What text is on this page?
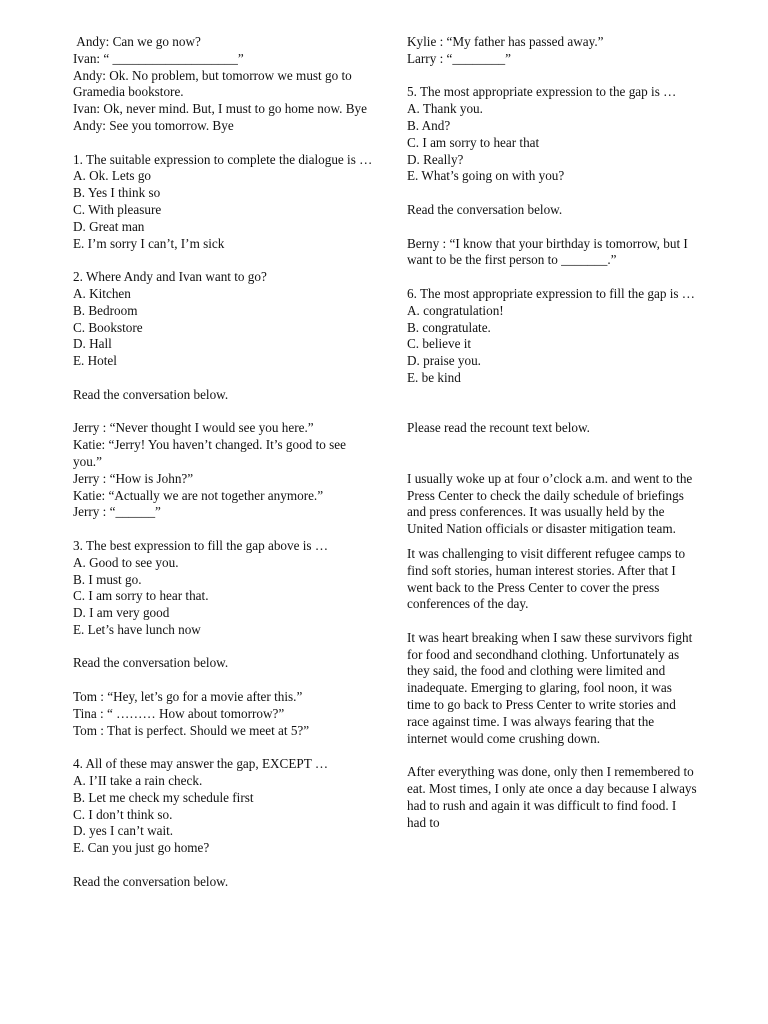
Andy: Can we go now?
Ivan: “ ___________________”
Andy: Ok. No problem, but tomorrow we must go to Gramedia bookstore.
Ivan: Ok, never mind. But, I must to go home now. Bye
Andy: See you tomorrow. Bye
1. The suitable expression to complete the dialogue is …
A. Ok. Lets go
B. Yes I think so
C. With pleasure
D. Great man
E. I’m sorry I can’t, I’m sick
2. Where Andy and Ivan want to go?
A. Kitchen
B. Bedroom
C. Bookstore
D. Hall
E. Hotel
Read the conversation below.
Jerry : “Never thought I would see you here.”
Katie: “Jerry! You haven’t changed. It’s good to see you.”
Jerry : “How is John?”
Katie: “Actually we are not together anymore.”
Jerry : “______”
3. The best expression to fill the gap above is …
A. Good to see you.
B. I must go.
C. I am sorry to hear that.
D. I am very good
E. Let’s have lunch now
Read the conversation below.
Tom : “Hey, let’s go for a movie after this.”
Tina : “ ……… How about tomorrow?”
Tom : That is perfect. Should we meet at 5?”
4. All of these may answer the gap, EXCEPT …
A. I’II take a rain check.
B. Let me check my schedule first
C. I don’t think so.
D. yes I can’t wait.
E. Can you just go home?
Read the conversation below.
Kylie : “My father has passed away.”
Larry : “________”
5. The most appropriate expression to the gap is …
A. Thank you.
B. And?
C. I am sorry to hear that
D. Really?
E. What’s going on with you?
Read the conversation below.
Berny : “I know that your birthday is tomorrow, but I want to be the first person to _______.”
6. The most appropriate expression to fill the gap is …
A. congratulation!
B. congratulate.
C. believe it
D. praise you.
E. be kind
Please read the recount text below.
I usually woke up at four o’clock a.m. and went to the Press Center to check the daily schedule of briefings and press conferences. It was usually held by the United Nation officials or disaster mitigation team.
It was challenging to visit different refugee camps to find soft stories, human interest stories. After that I went back to the Press Center to cover the press conferences of the day.
It was heart breaking when I saw these survivors fight for food and secondhand clothing. Unfortunately as they said, the food and clothing were limited and inadequate. Emerging to glaring, fool noon, it was time to go back to Press Center to write stories and race against time. I was always fearing that the internet would come crushing down.
After everything was done, only then I remembered to eat. Most times, I only ate once a day because I always had to rush and again it was difficult to find food. I had to
